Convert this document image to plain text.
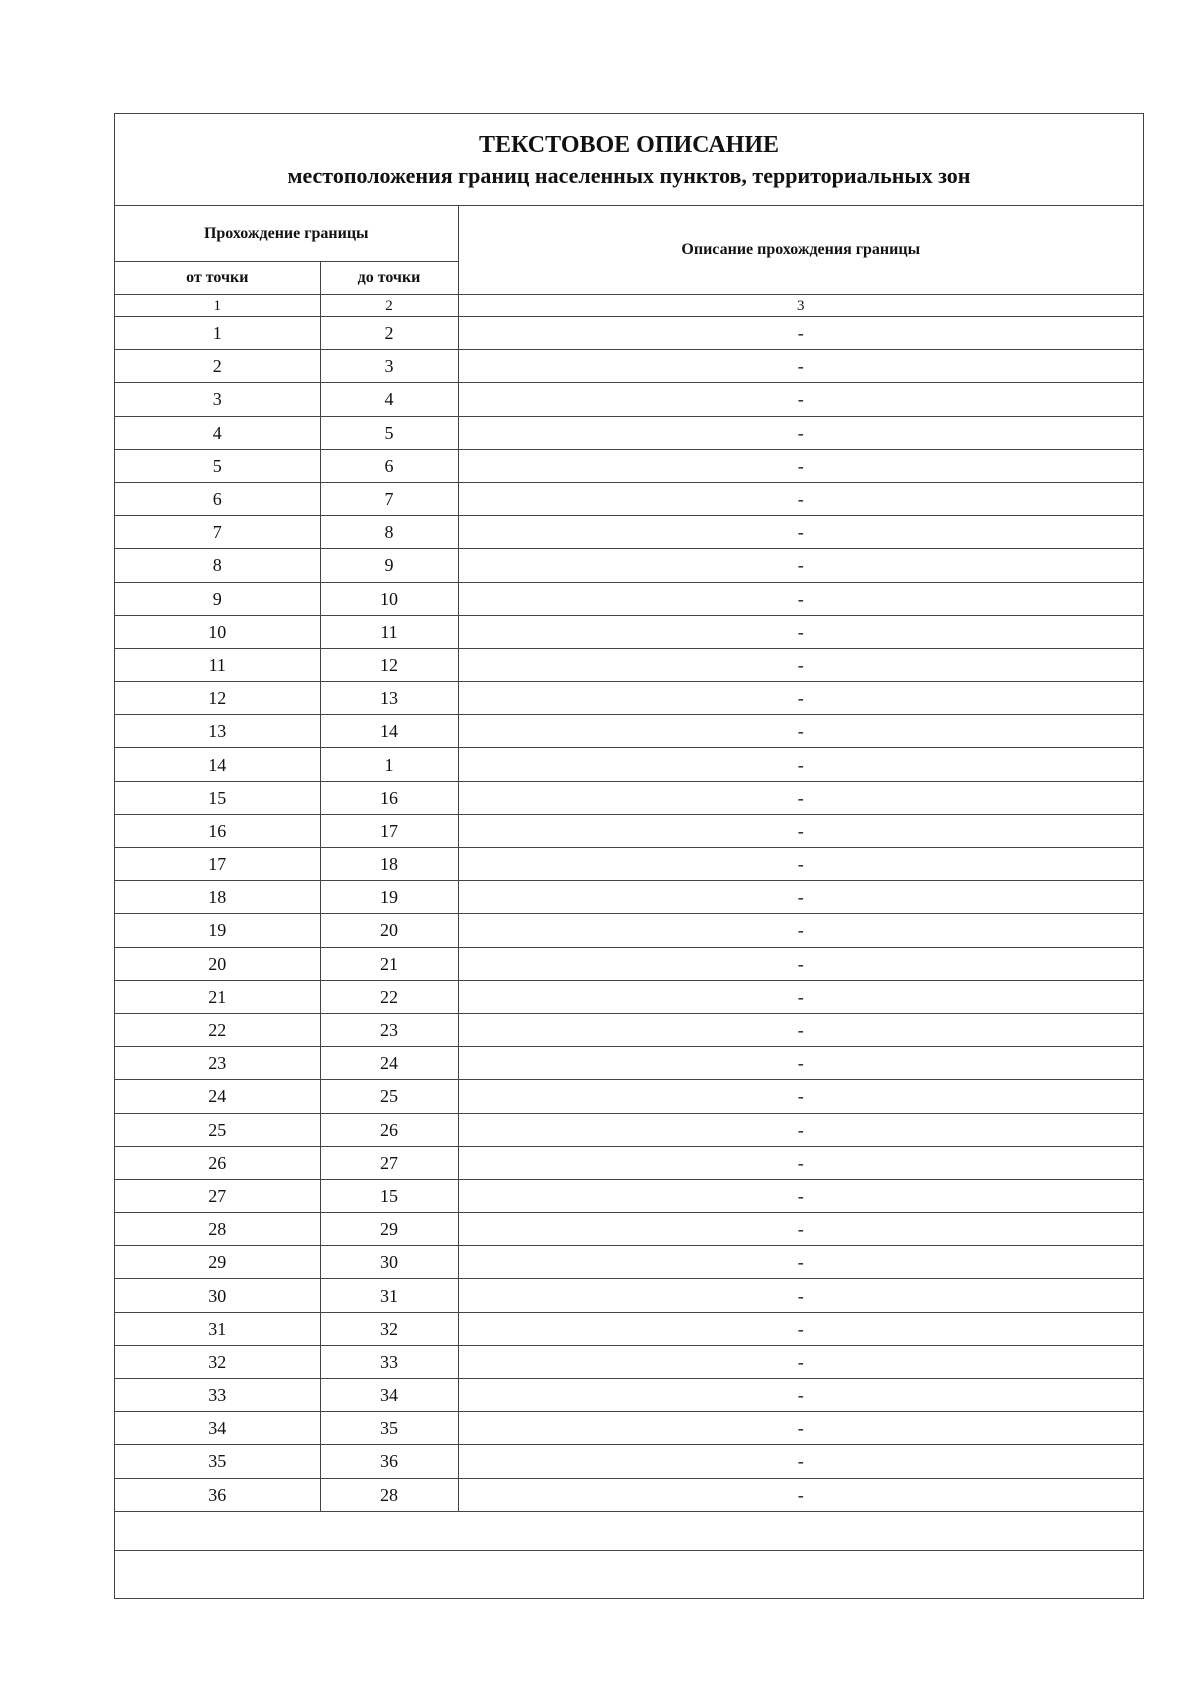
ТЕКСТОВОЕ ОПИСАНИЕ
местоположения границ населенных пунктов, территориальных зон
Прохождение границы		Описание прохождения границы
от точки	до точки	
1	2	3
1	2	-
2	3	-
3	4	-
4	5	-
5	6	-
6	7	-
7	8	-
8	9	-
9	10	-
10	11	-
11	12	-
12	13	-
13	14	-
14	1	-
15	16	-
16	17	-
17	18	-
18	19	-
19	20	-
20	21	-
21	22	-
22	23	-
23	24	-
24	25	-
25	26	-
26	27	-
27	15	-
28	29	-
29	30	-
30	31	-
31	32	-
32	33	-
33	34	-
34	35	-
35	36	-
36	28	-
